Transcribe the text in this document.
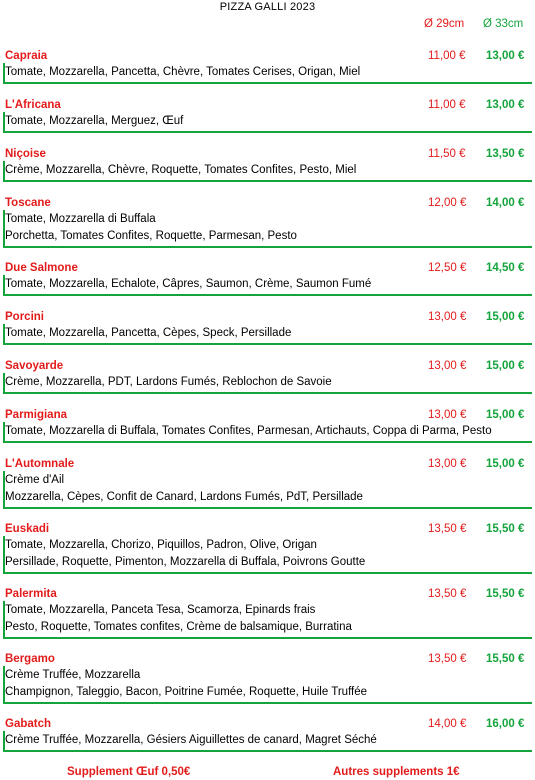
PIZZA GALLI 2023
Ø 29cm Ø 33cm
Capraia	11,00 € 13,00 €
Tomate, Mozzarella, Pancetta, Chèvre, Tomates Cerises, Origan, Miel
L'Africana	11,00 € 13,00 €
Tomate, Mozzarella, Merguez, Œuf
Niçoise	11,50 € 13,50 €
Crème, Mozzarella, Chèvre, Roquette, Tomates Confites, Pesto, Miel
Toscane	12,00 € 14,00 €
Tomate, Mozzarella di Buffala
Porchetta, Tomates Confites, Roquette, Parmesan, Pesto
Due Salmone	12,50 € 14,50 €
Tomate, Mozzarella, Echalote, Câpres, Saumon, Crème, Saumon Fumé
Porcini	13,00 € 15,00 €
Tomate, Mozzarella, Pancetta, Cèpes, Speck, Persillade
Savoyarde	13,00 € 15,00 €
Crème, Mozzarella, PDT, Lardons Fumés, Reblochon de Savoie
Parmigiana	13,00 € 15,00 €
Tomate, Mozzarella di Buffala, Tomates Confites, Parmesan, Artichauts, Coppa di Parma, Pesto
L'Automnale	13,00 € 15,00 €
Crème d'Ail
Mozzarella, Cèpes, Confit de Canard, Lardons Fumés, PdT, Persillade
Euskadi	13,50 € 15,50 €
Tomate, Mozzarella, Chorizo, Piquillos, Padron, Olive, Origan
Persillade, Roquette, Pimenton, Mozzarella di Buffala, Poivrons Goutte
Palermita	13,50 € 15,50 €
Tomate, Mozzarella, Panceta Tesa, Scamorza, Epinards frais
Pesto, Roquette, Tomates confites, Crème de balsamique, Burratina
Bergamo	13,50 € 15,50 €
Crème Truffée, Mozzarella
Champignon, Taleggio, Bacon, Poitrine Fumée, Roquette, Huile Truffée
Gabatch	14,00 € 16,00 €
Crème Truffée, Mozzarella, Gésiers Aiguillettes de canard, Magret Séché
Supplement Œuf 0,50€	Autres supplements 1€
